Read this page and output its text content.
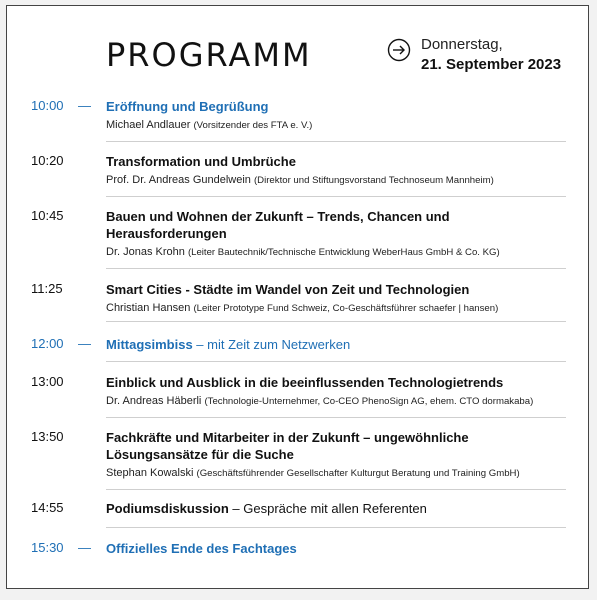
PROGRAMM	Donnerstag,
21. September 2023
10:00 — Eröffnung und Begrüßung
Michael Andlauer (Vorsitzender des FTA e. V.)
10:20	Transformation und Umbrüche
Prof. Dr. Andreas Gundelwein (Direktor und Stiftungsvorstand Technoseum Mannheim)
10:45	Bauen und Wohnen der Zukunft – Trends, Chancen und Herausforderungen
Dr. Jonas Krohn (Leiter Bautechnik/Technische Entwicklung WeberHaus GmbH & Co. KG)
11:25	Smart Cities - Städte im Wandel von Zeit und Technologien
Christian Hansen (Leiter Prototype Fund Schweiz, Co-Geschäftsführer schaefer | hansen)
12:00 — Mittagsimbiss – mit Zeit zum Netzwerken
13:00	Einblick und Ausblick in die beeinflussenden Technologietrends
Dr. Andreas Häberli (Technologie-Unternehmer, Co-CEO PhenoSign AG, ehem. CTO dormakaba)
13:50	Fachkräfte und Mitarbeiter in der Zukunft – ungewöhnliche Lösungsansätze für die Suche
Stephan Kowalski (Geschäftsführender Gesellschafter Kulturgut Beratung und Training GmbH)
14:55	Podiumsdiskussion – Gespräche mit allen Referenten
15:30 — Offizielles Ende des Fachtages
